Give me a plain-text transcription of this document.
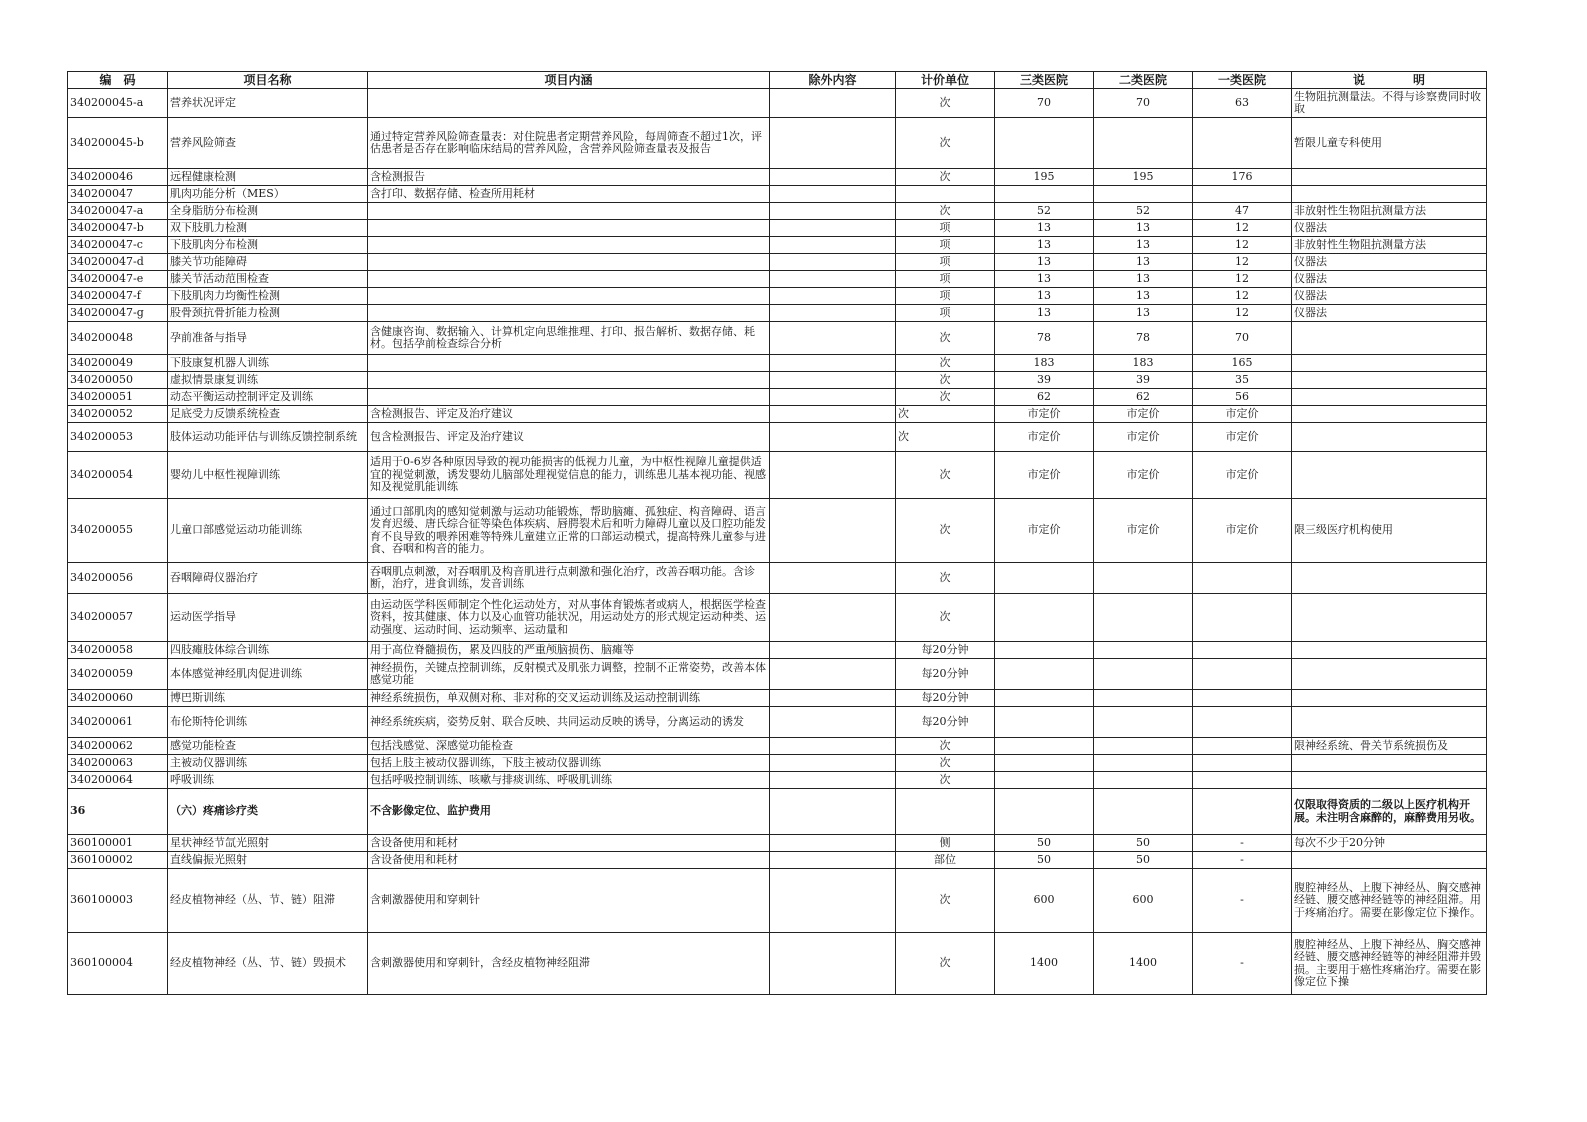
编　码	项目名称	项目内涵	除外内容	计价单位	三类医院	二类医院	一类医院	说　　　　明
340200045-a	营养状况评定			次	70	70	63	生物阻抗测量法。不得与诊察费同时收取
340200045-b	营养风险筛查	通过特定营养风险筛查量表：对住院患者定期营养风险，每周筛查不超过1次，评估患者是否存在影响临床结局的营养风险，含营养风险筛查量表及报告		次				暂限儿童专科使用
340200046	远程健康检测	含检测报告		次	195	195	176	
340200047	肌肉功能分析（MES）	含打印、数据存储、检查所用耗材						
340200047-a	全身脂肪分布检测			次	52	52	47	非放射性生物阻抗测量方法
340200047-b	双下肢肌力检测			项	13	13	12	仪器法
340200047-c	下肢肌肉分布检测			项	13	13	12	非放射性生物阻抗测量方法
340200047-d	膝关节功能障碍			项	13	13	12	仪器法
340200047-e	膝关节活动范围检查			项	13	13	12	仪器法
340200047-f	下肢肌肉力均衡性检测			项	13	13	12	仪器法
340200047-g	股骨颈抗骨折能力检测			项	13	13	12	仪器法
340200048	孕前准备与指导	含健康咨询、数据输入、计算机定向思维推理、打印、报告解析、数据存储、耗材。包括孕前检查综合分析		次	78	78	70	
340200049	下肢康复机器人训练			次	183	183	165	
340200050	虚拟情景康复训练			次	39	39	35	
340200051	动态平衡运动控制评定及训练			次	62	62	56	
340200052	足底受力反馈系统检查	含检测报告、评定及治疗建议		次	市定价	市定价	市定价	
340200053	肢体运动功能评估与训练反馈控制系统	包含检测报告、评定及治疗建议		次	市定价	市定价	市定价	
340200054	婴幼儿中枢性视障训练	适用于0-6岁各种原因导致的视功能损害的低视力儿童，为中枢性视障儿童提供适宜的视觉刺激，诱发婴幼儿脑部处理视觉信息的能力，训练患儿基本视功能、视感知及视觉肌能训练		次	市定价	市定价	市定价	
340200055	儿童口部感觉运动功能训练	通过口部肌肉的感知觉刺激与运动功能锻炼，帮助脑瘫、孤独症、构音障碍、语言发育迟缓、唐氏综合征等染色体疾病、唇腭裂术后和听力障碍儿童以及口腔功能发育不良导致的喂养困难等特殊儿童建立正常的口部运动模式，提高特殊儿童参与进食、吞咽和构音的能力。		次	市定价	市定价	市定价	限三级医疗机构使用
340200056	吞咽障碍仪器治疗	吞咽肌点刺激，对吞咽肌及构音肌进行点刺激和强化治疗，改善吞咽功能。含诊断，治疗，进食训练，发音训练		次				
340200057	运动医学指导	由运动医学科医师制定个性化运动处方，对从事体育锻炼者或病人，根据医学检查资料，按其健康、体力以及心血管功能状况，用运动处方的形式规定运动种类、运动强度、运动时间、运动频率、运动量和		次				
340200058	四肢瘫肢体综合训练	用于高位脊髓损伤，累及四肢的严重颅脑损伤、脑瘫等		每20分钟				
340200059	本体感觉神经肌肉促进训练	神经损伤，关键点控制训练，反射模式及肌张力调整，控制不正常姿势，改善本体感觉功能		每20分钟				
340200060	博巴斯训练	神经系统损伤，单双侧对称、非对称的交叉运动训练及运动控制训练		每20分钟				
340200061	布伦斯特伦训练	神经系统疾病，姿势反射、联合反映、共同运动反映的诱导，分离运动的诱发		每20分钟				
340200062	感觉功能检查	包括浅感觉、深感觉功能检查		次				限神经系统、骨关节系统损伤及
340200063	主被动仪器训练	包括上肢主被动仪器训练，下肢主被动仪器训练		次				
340200064	呼吸训练	包括呼吸控制训练、咳嗽与排痰训练、呼吸肌训练		次				
36	（六）疼痛诊疗类	不含影像定位、监护费用						仅限取得资质的二级以上医疗机构开展。未注明含麻醉的，麻醉费用另收。
360100001	星状神经节氙光照射	含设备使用和耗材		侧	50	50	-	每次不少于20分钟
360100002	直线偏振光照射	含设备使用和耗材		部位	50	50	-	
360100003	经皮植物神经（丛、节、链）阻滞	含刺激器使用和穿刺针		次	600	600	-	腹腔神经丛、上腹下神经丛、胸交感神经链、腰交感神经链等的神经阻滞。用于疼痛治疗。需要在影像定位下操作。
360100004	经皮植物神经（丛、节、链）毁损术	含刺激器使用和穿刺针，含经皮植物神经阻滞		次	1400	1400	-	腹腔神经丛、上腹下神经丛、胸交感神经链、腰交感神经链等的神经阻滞并毁损。主要用于癌性疼痛治疗。需要在影像定位下操
